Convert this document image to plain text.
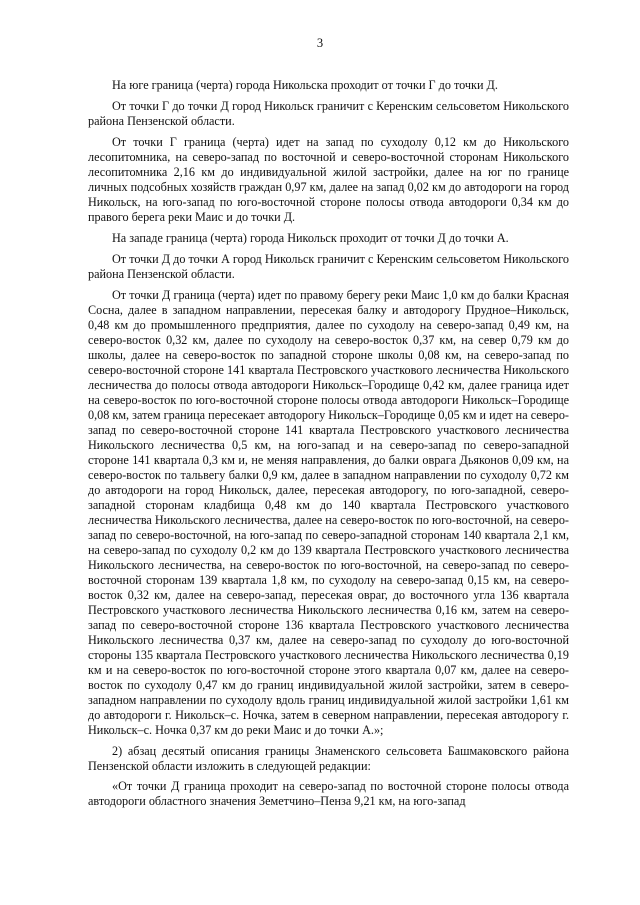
3

На юге граница (черта) города Никольска проходит от точки Г до точки Д.

От точки Г до точки Д город Никольск граничит с Керенским сельсоветом Никольского района Пензенской области.

От точки Г граница (черта) идет на запад по суходолу 0,12 км до Никольского лесопитомника, на северо-запад по восточной и северо-восточной сторонам Никольского лесопитомника 2,16 км до индивидуальной жилой застройки, далее на юг по границе личных подсобных хозяйств граждан 0,97 км, далее на запад 0,02 км до автодороги на город Никольск, на юго-запад по юго-восточной стороне полосы отвода автодороги 0,34 км до правого берега реки Маис и до точки Д.

На западе граница (черта) города Никольск проходит от точки Д до точки А.

От точки Д до точки А город Никольск граничит с Керенским сельсоветом Никольского района Пензенской области.

От точки Д граница (черта) идет по правому берегу реки Маис 1,0 км до балки Красная Сосна, далее в западном направлении, пересекая балку и автодорогу Прудное–Никольск, 0,48 км до промышленного предприятия, далее по суходолу на северо-запад 0,49 км, на северо-восток 0,32 км, далее по суходолу на северо-восток 0,37 км, на север 0,79 км до школы, далее на северо-восток по западной стороне школы 0,08 км, на северо-запад по северо-восточной стороне 141 квартала Пестровского участкового лесничества Никольского лесничества до полосы отвода автодороги Никольск–Городище 0,42 км, далее граница идет на северо-восток по юго-восточной стороне полосы отвода автодороги Никольск–Городище 0,08 км, затем граница пересекает автодорогу Никольск–Городище 0,05 км и идет на северо-запад по северо-восточной стороне 141 квартала Пестровского участкового лесничества Никольского лесничества 0,5 км, на юго-запад и на северо-запад по северо-западной стороне 141 квартала 0,3 км и, не меняя направления, до балки оврага Дьяконов 0,09 км, на северо-восток по тальвегу балки 0,9 км, далее в западном направлении по суходолу 0,72 км до автодороги на город Никольск, далее, пересекая автодорогу, по юго-западной, северо-западной сторонам кладбища 0,48 км до 140 квартала Пестровского участкового лесничества Никольского лесничества, далее на северо-восток по юго-восточной, на северо-запад по северо-восточной, на юго-запад по северо-западной сторонам 140 квартала 2,1 км, на северо-запад по суходолу 0,2 км до 139 квартала Пестровского участкового лесничества Никольского лесничества, на северо-восток по юго-восточной, на северо-запад по северо-восточной сторонам 139 квартала 1,8 км, по суходолу на северо-запад 0,15 км, на северо-восток 0,32 км, далее на северо-запад, пересекая овраг, до восточного угла 136 квартала Пестровского участкового лесничества Никольского лесничества 0,16 км, затем на северо-запад по северо-восточной стороне 136 квартала Пестровского участкового лесничества Никольского лесничества 0,37 км, далее на северо-запад по суходолу до юго-восточной стороны 135 квартала Пестровского участкового лесничества Никольского лесничества 0,19 км и на северо-восток по юго-восточной стороне этого квартала 0,07 км, далее на северо-восток по суходолу 0,47 км до границ индивидуальной жилой застройки, затем в северо-западном направлении по суходолу вдоль границ индивидуальной жилой застройки 1,61 км до автодороги г. Никольск–с. Ночка, затем в северном направлении, пересекая автодорогу г. Никольск–с. Ночка 0,37 км до реки Маис и до точки А.»;

2) абзац десятый описания границы Знаменского сельсовета Башмаковского района Пензенской области изложить в следующей редакции:

«От точки Д граница проходит на северо-запад по восточной стороне полосы отвода автодороги областного значения Земетчино–Пенза 9,21 км, на юго-запад
